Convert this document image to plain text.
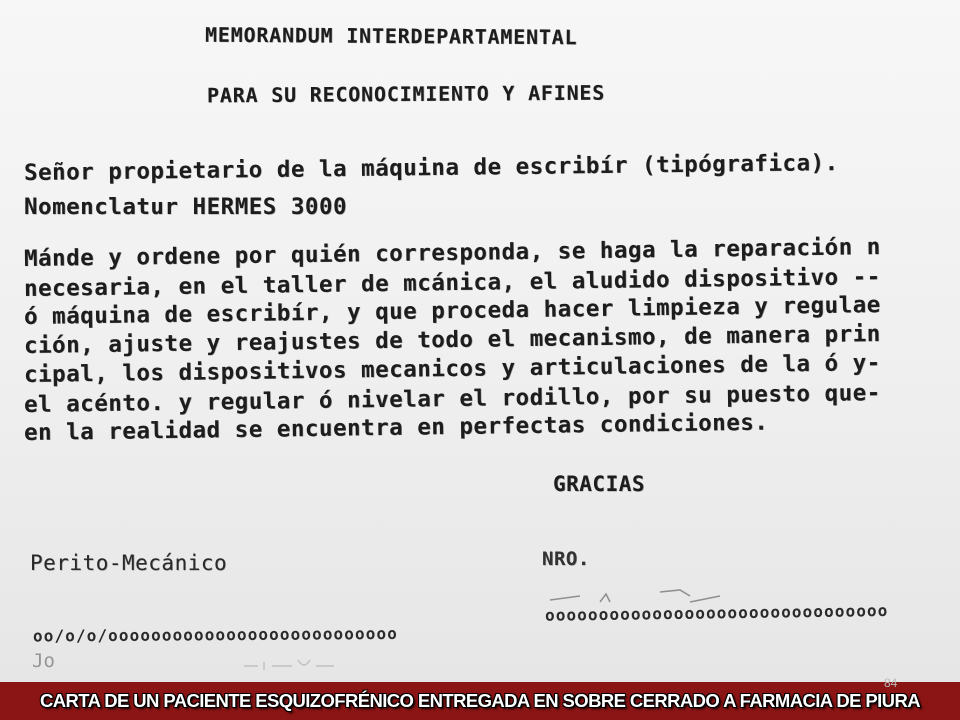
MEMORANDUM INTERDEPARTAMENTAL

PARA SU RECONOCIMIENTO Y AFINES

Señor propietario de la máquina de escribír (tipógrafica).

Nomenclatur HERMES 3000

Mánde y ordene por quién corresponda, se haga la reparación n

necesaria, en el taller de mcánica, el aludido dispositivo --

ó máquina de escribír, y que proceda hacer limpieza y regulae

ción, ajuste y reajustes de todo el mecanismo, de manera prin

cipal, los dispositivos mecanicos y articulaciones de la ó y-

el acénto. y regular ó nivelar el rodillo, por su puesto que-

en la realidad se encuentra en perfectas condiciones.

GRACIAS

Perito-Mecánico	NRO.

oooooooooooooooooooooooooooooooo

oo/o/o/ooooooooooooooooooooooooooo

Jo

CARTA DE UN PACIENTE ESQUIZOFRÉNICO ENTREGADA EN SOBRE CERRADO A FARMACIA DE PIURA
84
